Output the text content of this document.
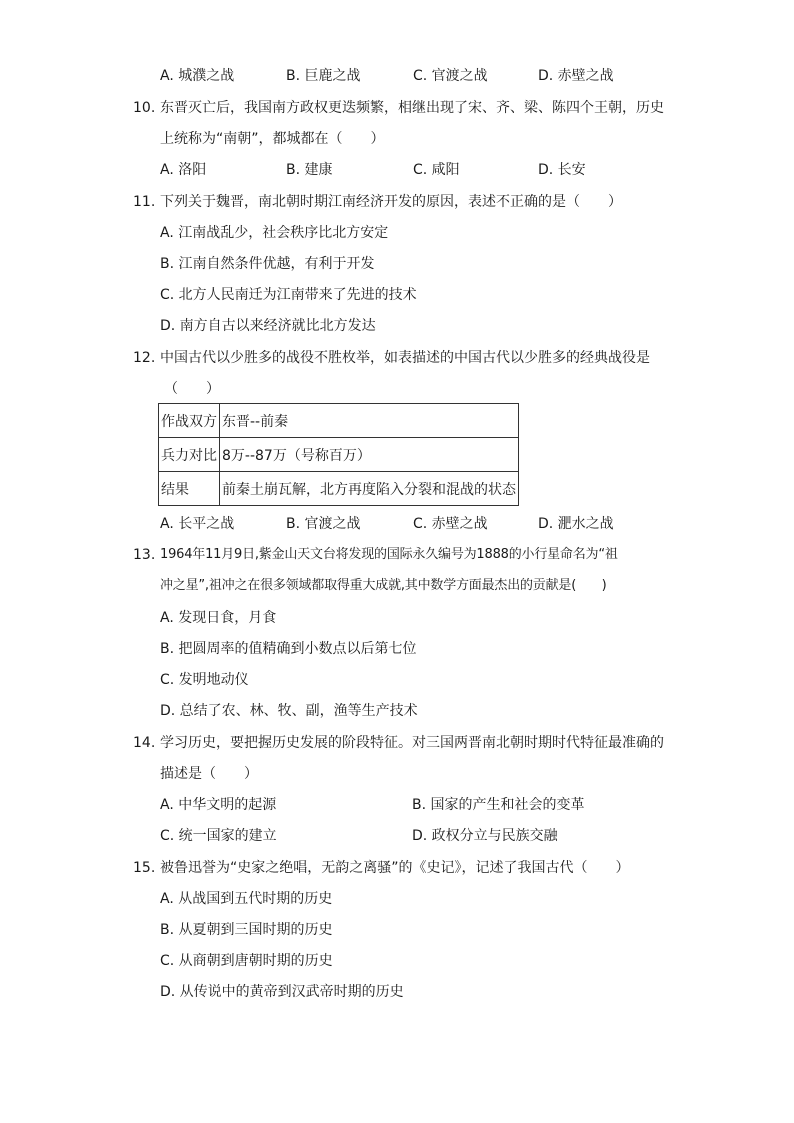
A. 城濮之战	B. 巨鹿之战	C. 官渡之战	D. 赤壁之战
10. 东晋灭亡后，我国南方政权更迭频繁，相继出现了宋、齐、梁、陈四个王朝，历史
上统称为“南朝”，都城都在（　　）
A. 洛阳	B. 建康	C. 咸阳	D. 长安
11. 下列关于魏晋，南北朝时期江南经济开发的原因，表述不正确的是（　　）
A. 江南战乱少，社会秩序比北方安定
B. 江南自然条件优越，有利于开发
C. 北方人民南迁为江南带来了先进的技术
D. 南方自古以来经济就比北方发达
12. 中国古代以少胜多的战役不胜枚举，如表描述的中国古代以少胜多的经典战役是
（　　）
作战双方	东晋--前秦
兵力对比	8万--87万（号称百万）
结果	前秦土崩瓦解，北方再度陷入分裂和混战的状态
A. 长平之战	B. 官渡之战	C. 赤壁之战	D. 淝水之战
13. 1964年11月9日,紫金山天文台将发现的国际永久编号为1888的小行星命名为“祖
冲之星”,祖冲之在很多领域都取得重大成就,其中数学方面最杰出的贡献是(　　)
A. 发现日食，月食
B. 把圆周率的值精确到小数点以后第七位
C. 发明地动仪
D. 总结了农、林、牧、副，渔等生产技术
14. 学习历史，要把握历史发展的阶段特征。对三国两晋南北朝时期时代特征最准确的
描述是（　　）
A. 中华文明的起源	B. 国家的产生和社会的变革
C. 统一国家的建立	D. 政权分立与民族交融
15. 被鲁迅誉为“史家之绝唱，无韵之离骚”的《史记》，记述了我国古代（　　）
A. 从战国到五代时期的历史
B. 从夏朝到三国时期的历史
C. 从商朝到唐朝时期的历史
D. 从传说中的黄帝到汉武帝时期的历史
